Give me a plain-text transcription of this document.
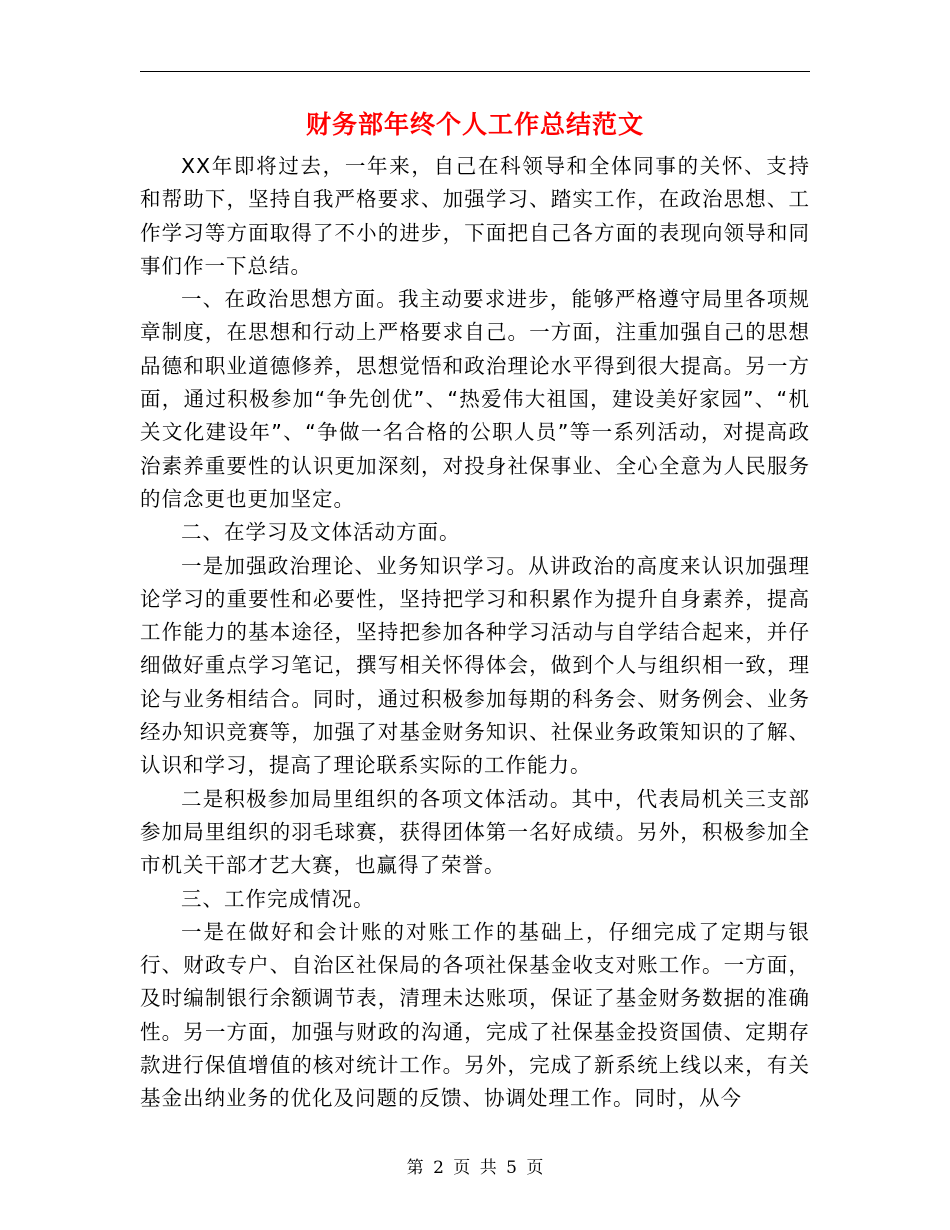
财务部年终个人工作总结范文

XX年即将过去，一年来，自己在科领导和全体同事的关怀、支持和帮助下，坚持自我严格要求、加强学习、踏实工作，在政治思想、工作学习等方面取得了不小的进步，下面把自己各方面的表现向领导和同事们作一下总结。

一、在政治思想方面。我主动要求进步，能够严格遵守局里各项规章制度，在思想和行动上严格要求自己。一方面，注重加强自己的思想品德和职业道德修养，思想觉悟和政治理论水平得到很大提高。另一方面，通过积极参加“争先创优”、“热爱伟大祖国，建设美好家园”、“机关文化建设年”、“争做一名合格的公职人员”等一系列活动，对提高政治素养重要性的认识更加深刻，对投身社保事业、全心全意为人民服务的信念更也更加坚定。

二、在学习及文体活动方面。

一是加强政治理论、业务知识学习。从讲政治的高度来认识加强理论学习的重要性和必要性，坚持把学习和积累作为提升自身素养，提高工作能力的基本途径，坚持把参加各种学习活动与自学结合起来，并仔细做好重点学习笔记，撰写相关怀得体会，做到个人与组织相一致，理论与业务相结合。同时，通过积极参加每期的科务会、财务例会、业务经办知识竞赛等，加强了对基金财务知识、社保业务政策知识的了解、认识和学习，提高了理论联系实际的工作能力。

二是积极参加局里组织的各项文体活动。其中，代表局机关三支部参加局里组织的羽毛球赛，获得团体第一名好成绩。另外，积极参加全市机关干部才艺大赛，也赢得了荣誉。

三、工作完成情况。

一是在做好和会计账的对账工作的基础上，仔细完成了定期与银行、财政专户、自治区社保局的各项社保基金收支对账工作。一方面，及时编制银行余额调节表，清理未达账项，保证了基金财务数据的准确性。另一方面，加强与财政的沟通，完成了社保基金投资国债、定期存款进行保值增值的核对统计工作。另外，完成了新系统上线以来，有关基金出纳业务的优化及问题的反馈、协调处理工作。同时，从今

第 2 页 共 5 页
